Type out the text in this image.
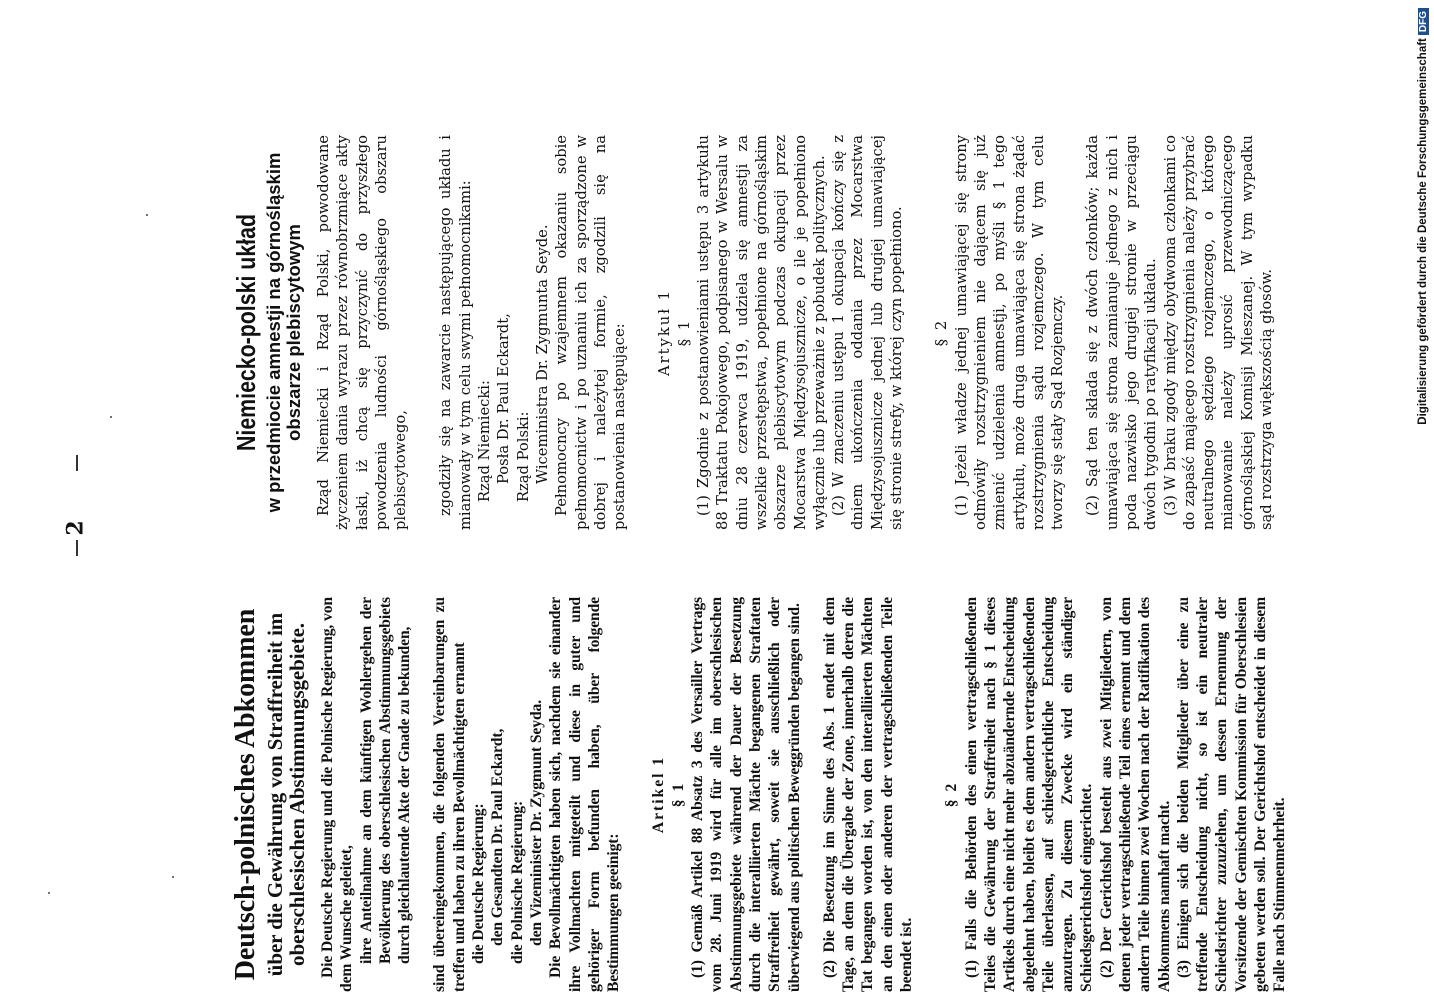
2
Deutsch-polnisches Abkommen über die Gewährung von Straffreiheit im oberschlesischen Abstimmungsgebiete. Die Deutsche Regierung und die Polnische Regierung, von dem Wunsche geleitet, ihre Anteilnahme an dem künftigen Wohlergehen der Bevölkerung des oberschlesischen Abstimmungsgebiets durch gleichlautende Akte der Gnade zu bekunden, sind übereingekommen, die folgenden Vereinbarungen zu treffen und haben zu ihren Bevollmächtigten ernannt die Deutsche Regierung: den Gesandten Dr. Paul Eckardt, die Polnische Regierung: den Vizeminister Dr. Zygmunt Seyda. Die Bevollmächtigten haben sich, nachdem sie einander ihre Vollmachten mitgeteilt und diese in guter und gehöriger Form befunden haben, über folgende Bestimmungen geeinigt:

Artikel 1 § 1 (1) Gemäß Artikel 88 Absatz 3 des Versailler Vertrags vom 28. Juni 1919 wird für alle im oberschlesischen Abstimmungsgebiete während der Dauer der Besetzung durch die interalliierten Mächte begangenen Straftaten Straffreiheit gewährt, soweit sie ausschließlich oder überwiegend aus politischen Beweggründen begangen sind. (2) Die Besetzung im Sinne des Abs. 1 endet mit dem Tage, an dem die Übergabe der Zone, innerhalb deren die Tat begangen worden ist, von den interalliierten Mächten an den einen oder anderen der vertragschließenden Teile beendet ist.

§ 2 (1) Falls die Behörden des einen vertragschließenden Teiles die Gewährung der Straffreiheit nach § 1 dieses Artikels durch eine nicht mehr abzuändernde Entscheidung abgelehnt haben, bleibt es dem andern vertragschließenden Teile überlassen, auf schiedsgerichtliche Entscheidung anzutragen. Zu diesem Zwecke wird ein ständiger Schiedsgerichtshof eingerichtet. (2) Der Gerichtshof besteht aus zwei Mitgliedern, von denen jeder vertragschließende Teil eines ernennt und dem andern Teile binnen zwei Wochen nach der Ratifikation des Abkommens namhaft macht. (3) Einigen sich die beiden Mitglieder über eine zu treffende Entscheidung nicht, so ist ein neutraler Schiedsrichter zuzuziehen, um dessen Ernennung der Vorsitzende der Gemischten Kommission für Oberschlesien gebeten werden soll. Der Gerichtshof entscheidet in diesem Falle nach Stimmenmehrheit.

Niemiecko-polski układ w przedmiocie amnestji na górnośląskim obszarze plebiscytowym Rząd Niemiecki i Rząd Polski, powodowane życzeniem dania wyrazu przez równobrzmiące akty łaski, iż chcą się przyczynić do przyszłego powodzenia ludności górnośląskiego obszaru plebiscytowego, zgodziły się na zawarcie następującego układu i mianowały w tym celu swymi pełnomocnikami: Rząd Niemiecki: Posła Dr. Paul Eckardt, Rząd Polski: Wiceministra Dr. Zygmunta Seyde. Pełnomocncy po wzajemnem okazaniu sobie pełnomocnictw i po uznaniu ich za sporządzone w dobrej i należytej formie, zgodzili się na postanowienia następujące: Artykuł 1 § 1 (1) Zgodnie z postanowieniami ustępu 3 artykułu 88 Traktatu Pokojowego, podpisanego w Wersalu w dniu 28 czerwca 1919, udziela się amnestji za wszelkie przestępstwa, popełnione na górnośląskim obszarze plebiscytowym podczas okupacji przez Mocarstwa Międzysojusznicze, o ile je popełniono wyłącznie lub przeważnie z pobudek politycznych. (2) W znaczeniu ustępu 1 okupacja kończy się z dniem ukończenia oddania przez Mocarstwa Międzysojusznicze jednej lub drugiej umawiającej się stronie strefy, w której czyn popełniono. § 2 (1) Jeżeli władze jednej umawiającej się strony odmówiły rozstrzygnieniem nie dającem się już zmienić udzielenia amnestji, po myśli § 1 tego artykułu, może druga umawiająca się strona żądać rozstrzygnienia sądu rozjemczego. W tym celu tworzy się stały Sąd Rozjemczy. (2) Sąd ten składa się z dwóch członków; każda umawiająca się strona zamianuje jednego z nich i poda nazwisko jego drugiej stronie w przeciągu dwóch tygodni po ratyfikacji układu. (3) W braku zgody między obydwoma członkami co do zapaść mającego rozstrzygnienia należy przybrać neutralnego sędziego rozjemczego, o którego mianowanie należy uprosić przewodniczącego górnośląskiej Komisji Mieszanej. W tym wypadku sąd rozstrzyga większością głosów.	Digitalisierung gefördert durch die Deutsche Forschungsgemeinschaft
DFG
